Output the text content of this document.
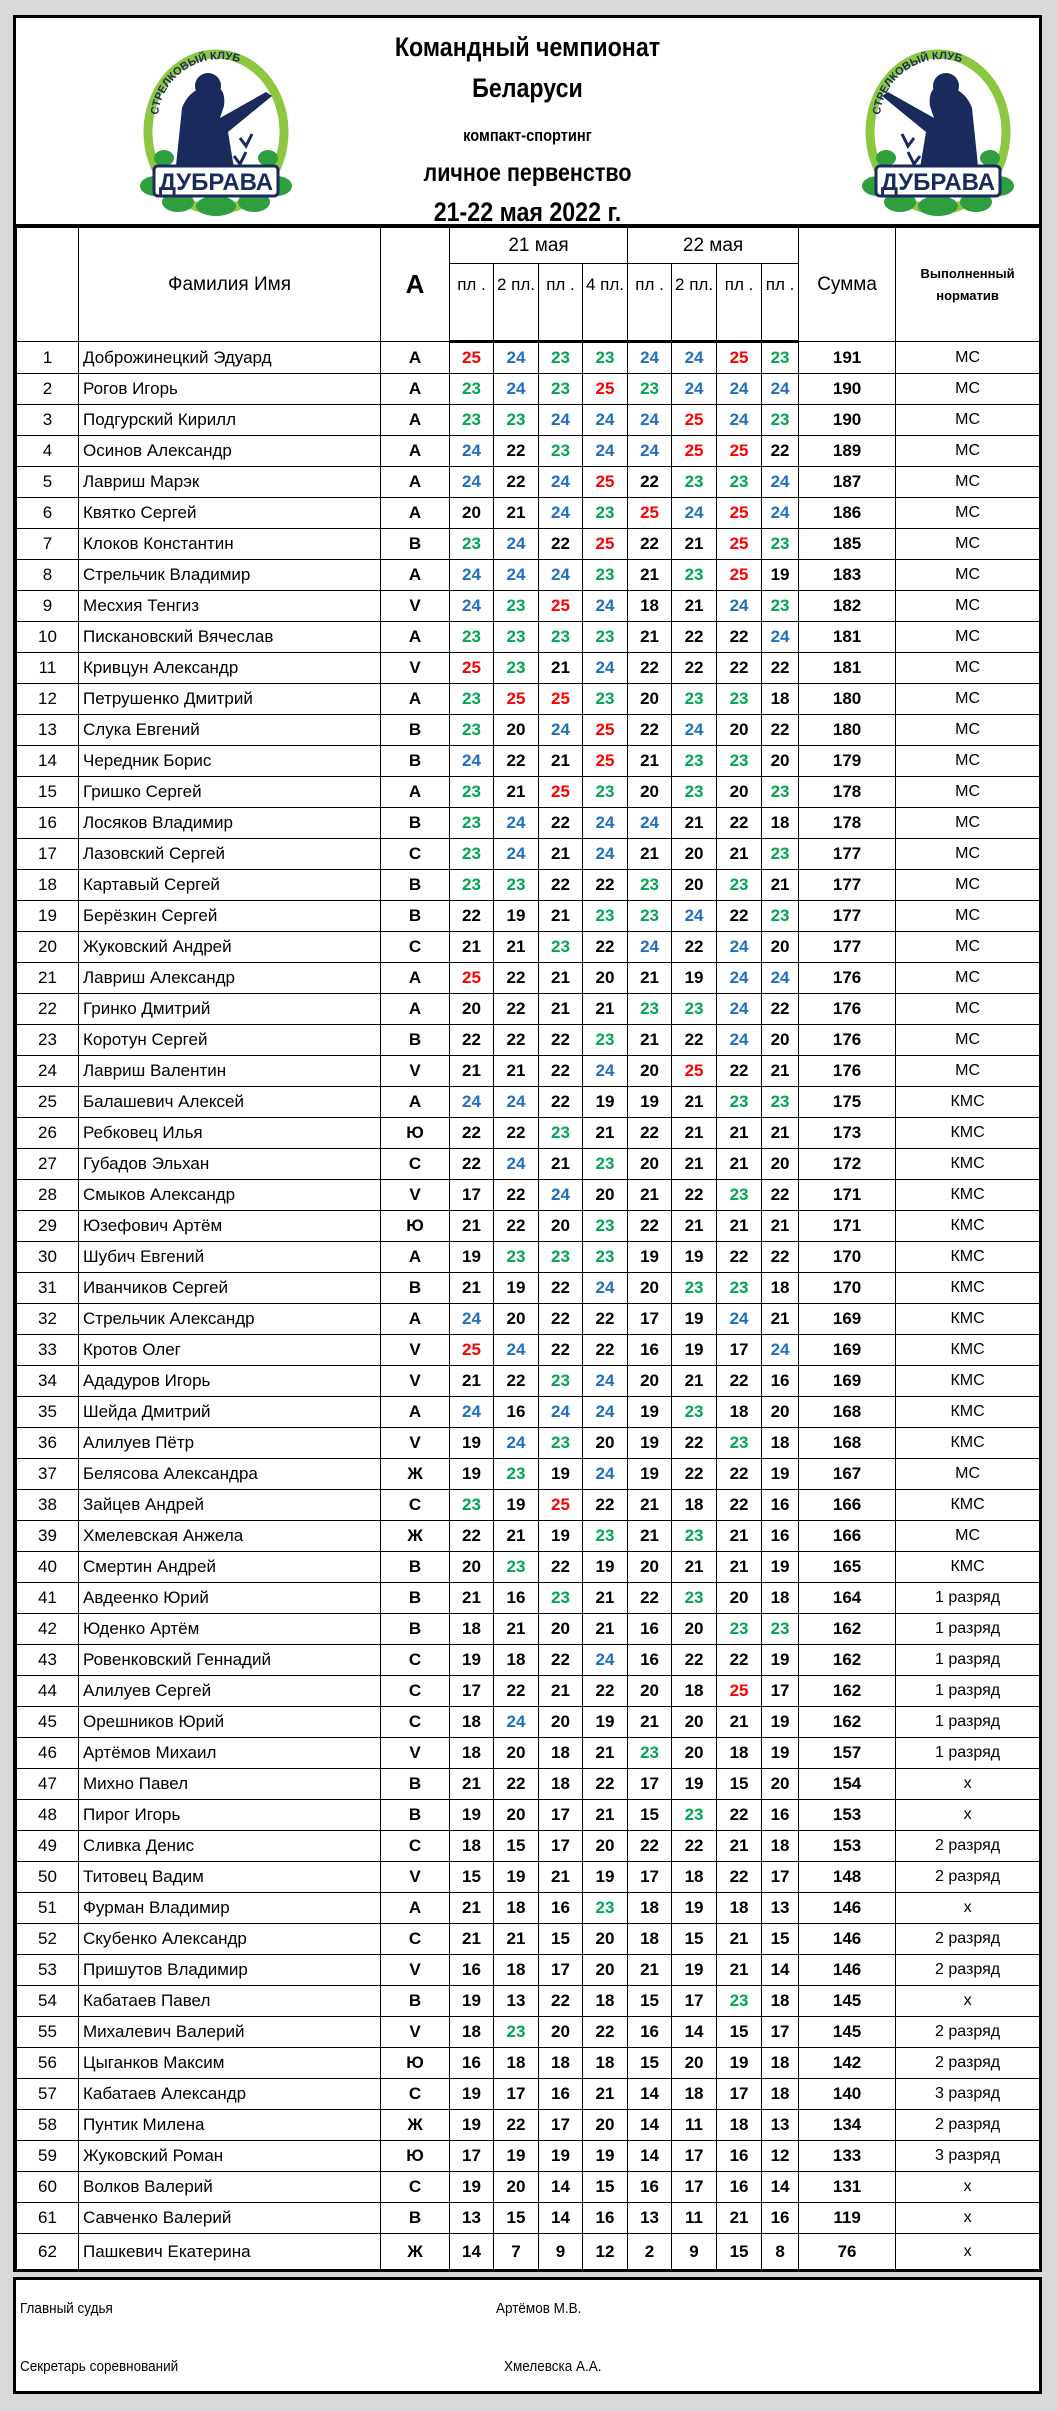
Командный чемпионат
Беларуси
компакт-спортинг
личное первенство
21-22 мая 2022 г.
	Фамилия Имя	A	21 мая				22 мая				Сумма	Выполненный норматив
			пл .	2 пл.	пл .	4 пл.	пл .	2 пл.	пл .	пл .		
1	Доброжинецкий Эдуард	A	25	24	23	23	24	24	25	23	191	МС
2	Рогов Игорь	A	23	24	23	25	23	24	24	24	190	МС
3	Подгурский Кирилл	A	23	23	24	24	24	25	24	23	190	МС
4	Осинов Александр	A	24	22	23	24	24	25	25	22	189	МС
5	Лавриш Марэк	A	24	22	24	25	22	23	23	24	187	МС
6	Квятко Сергей	A	20	21	24	23	25	24	25	24	186	МС
7	Клоков Константин	B	23	24	22	25	22	21	25	23	185	МС
8	Стрельчик Владимир	A	24	24	24	23	21	23	25	19	183	МС
9	Месхия Тенгиз	V	24	23	25	24	18	21	24	23	182	МС
10	Пискановский Вячеслав	A	23	23	23	23	21	22	22	24	181	МС
11	Кривцун Александр	V	25	23	21	24	22	22	22	22	181	МС
12	Петрушенко Дмитрий	A	23	25	25	23	20	23	23	18	180	МС
13	Слука Евгений	B	23	20	24	25	22	24	20	22	180	МС
14	Чередник Борис	B	24	22	21	25	21	23	23	20	179	МС
15	Гришко Сергей	A	23	21	25	23	20	23	20	23	178	МС
16	Лосяков Владимир	B	23	24	22	24	24	21	22	18	178	МС
17	Лазовский Сергей	C	23	24	21	24	21	20	21	23	177	МС
18	Картавый Сергей	B	23	23	22	22	23	20	23	21	177	МС
19	Берёзкин Сергей	B	22	19	21	23	23	24	22	23	177	МС
20	Жуковский Андрей	C	21	21	23	22	24	22	24	20	177	МС
21	Лавриш Александр	A	25	22	21	20	21	19	24	24	176	МС
22	Гринко Дмитрий	A	20	22	21	21	23	23	24	22	176	МС
23	Коротун Сергей	B	22	22	22	23	21	22	24	20	176	МС
24	Лавриш Валентин	V	21	21	22	24	20	25	22	21	176	МС
25	Балашевич Алексей	A	24	24	22	19	19	21	23	23	175	КМС
26	Ребковец Илья	Ю	22	22	23	21	22	21	21	21	173	КМС
27	Губадов Эльхан	C	22	24	21	23	20	21	21	20	172	КМС
28	Смыков Александр	V	17	22	24	20	21	22	23	22	171	КМС
29	Юзефович Артём	Ю	21	22	20	23	22	21	21	21	171	КМС
30	Шубич Евгений	A	19	23	23	23	19	19	22	22	170	КМС
31	Иванчиков Сергей	B	21	19	22	24	20	23	23	18	170	КМС
32	Стрельчик Александр	A	24	20	22	22	17	19	24	21	169	КМС
33	Кротов Олег	V	25	24	22	22	16	19	17	24	169	КМС
34	Ададуров Игорь	V	21	22	23	24	20	21	22	16	169	КМС
35	Шейда Дмитрий	A	24	16	24	24	19	23	18	20	168	КМС
36	Алилуев Пётр	V	19	24	23	20	19	22	23	18	168	КМС
37	Белясова Александра	Ж	19	23	19	24	19	22	22	19	167	МС
38	Зайцев Андрей	C	23	19	25	22	21	18	22	16	166	КМС
39	Хмелевская Анжела	Ж	22	21	19	23	21	23	21	16	166	МС
40	Смертин Андрей	B	20	23	22	19	20	21	21	19	165	КМС
41	Авдеенко Юрий	B	21	16	23	21	22	23	20	18	164	1 разряд
42	Юденко Артём	B	18	21	20	21	16	20	23	23	162	1 разряд
43	Ровенковский Геннадий	C	19	18	22	24	16	22	22	19	162	1 разряд
44	Алилуев Сергей	C	17	22	21	22	20	18	25	17	162	1 разряд
45	Орешников Юрий	C	18	24	20	19	21	20	21	19	162	1 разряд
46	Артёмов Михаил	V	18	20	18	21	23	20	18	19	157	1 разряд
47	Михно Павел	B	21	22	18	22	17	19	15	20	154	x
48	Пирог Игорь	B	19	20	17	21	15	23	22	16	153	x
49	Сливка Денис	C	18	15	17	20	22	22	21	18	153	2 разряд
50	Титовец Вадим	V	15	19	21	19	17	18	22	17	148	2 разряд
51	Фурман Владимир	A	21	18	16	23	18	19	18	13	146	x
52	Скубенко Александр	C	21	21	15	20	18	15	21	15	146	2 разряд
53	Пришутов Владимир	V	16	18	17	20	21	19	21	14	146	2 разряд
54	Кабатаев Павел	B	19	13	22	18	15	17	23	18	145	x
55	Михалевич Валерий	V	18	23	20	22	16	14	15	17	145	2 разряд
56	Цыганков Максим	Ю	16	18	18	18	15	20	19	18	142	2 разряд
57	Кабатаев Александр	C	19	17	16	21	14	18	17	18	140	3 разряд
58	Пунтик Милена	Ж	19	22	17	20	14	11	18	13	134	2 разряд
59	Жуковский Роман	Ю	17	19	19	19	14	17	16	12	133	3 разряд
60	Волков Валерий	C	19	20	14	15	16	17	16	14	131	x
61	Савченко Валерий	B	13	15	14	16	13	11	21	16	119	x
62	Пашкевич Екатерина	Ж	14	7	9	12	2	9	15	8	76	x
Главный судья	Артёмов М.В.
Секретарь соревнований	Хмелевска А.А.
